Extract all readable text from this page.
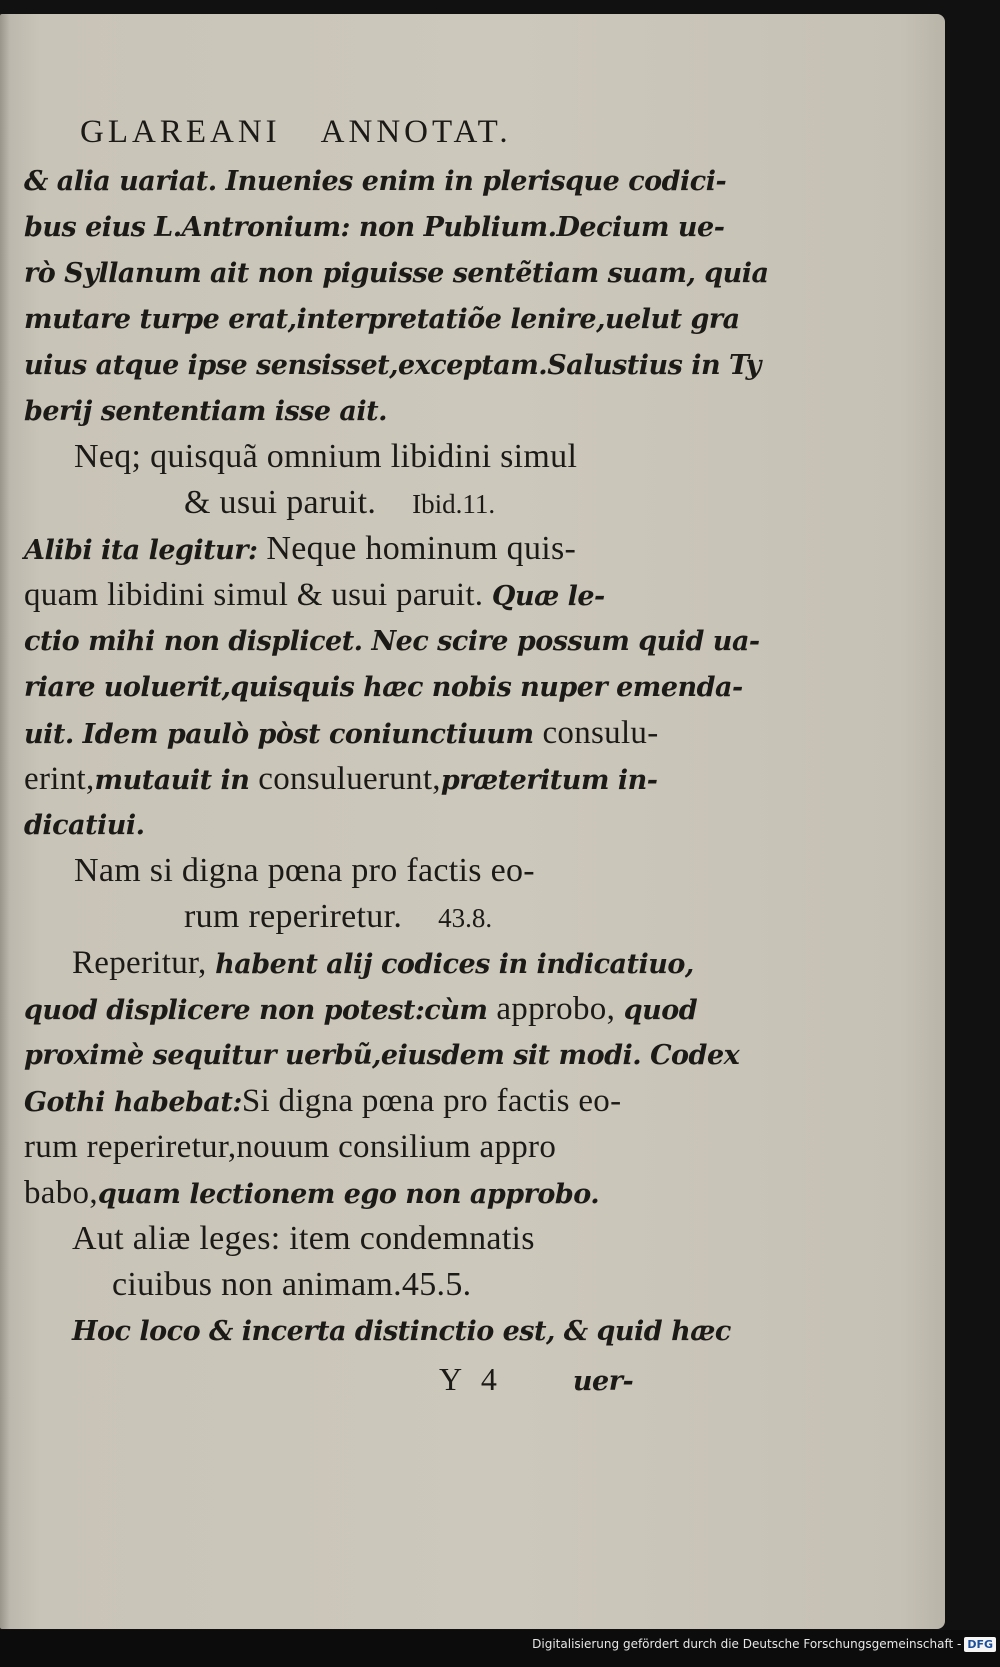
GLAREANI ANNOTAT.
& alia uariat. Inuenies enim in plerisque codici-
bus eius L.Antronium: non Publium.Decium ue-
rò Syllanum ait non piguisse sentẽtiam suam, quia
mutare turpe erat,interpretatiõe lenire,uelut gra
uius atque ipse sensisset,exceptam.Salustius in Ty
berij sententiam isse ait.
Neq; quisquã omnium libidini simul
& usui paruit. Ibid.11.
Alibi ita legitur: Neque hominum quis-
quam libidini simul & usui paruit. Quæ le-
ctio mihi non displicet. Nec scire possum quid ua-
riare uoluerit,quisquis hæc nobis nuper emenda-
uit. Idem paulò pòst coniunctiuum consulu-
erint,mutauit in consuluerunt,præteritum in-
dicatiui.
Nam si digna pœna pro factis eo-
rum reperiretur. 43.8.
Reperitur, habent alij codices in indicatiuo,
quod displicere non potest:cùm approbo, quod
proximè sequitur uerbũ,eiusdem sit modi. Codex
Gothi habebat:Si digna pœna pro factis eo-
rum reperiretur,nouum consilium appro
babo,quam lectionem ego non approbo.
Aut aliæ leges: item condemnatis
ciuibus non animam.45.5.
Hoc loco & incerta distinctio est, & quid hæc
Y 4	uer-
Digitalisierung gefördert durch die Deutsche Forschungsgemeinschaft - DFG
